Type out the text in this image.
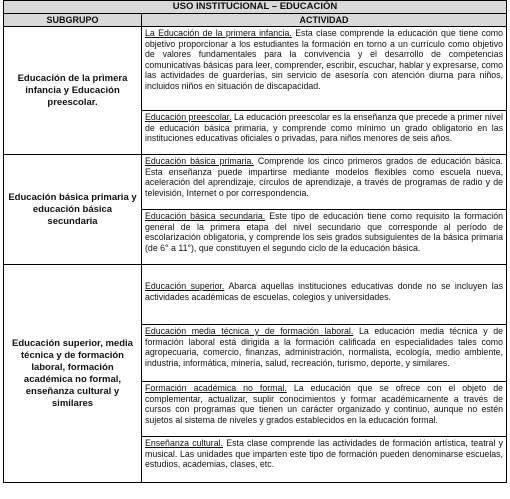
USO INSTITUCIONAL – EDUCACIÓN	
SUBGRUPO	ACTIVIDAD
Educación de la primera infancia y Educación preescolar.	La Educación de la primera infancia. Esta clase comprende la educación que tiene como objetivo proporcionar a los estudiantes la formación en torno a un currículo como objetivo de valores fundamentales para la convivencia y el desarrollo de competencias comunicativas básicas para leer, comprender, escribir, escuchar, hablar y expresarse, como las actividades de guarderías, sin servicio de asesoría con atención diurna para niños, incluidos niños en situación de discapacidad.
Educación preescolar. La educación preescolar es la enseñanza que precede a primer nivel de educación básica primaria, y comprende como mínimo un grado obligatorio en las instituciones educativas oficiales o privadas, para niños menores de seis años.

Educación básica primaria y educación básica secundaria	Educación básica primaria. Comprende los cinco primeros grados de educación básica. Esta enseñanza puede impartirse mediante modelos flexibles como escuela nueva, aceleración del aprendizaje, círculos de aprendizaje, a través de programas de radio y de televisión, Internet o por correspondencia.
Educación básica secundaria. Este tipo de educación tiene como requisito la formación general de la primera etapa del nivel secundario que corresponde al período de escolarización obligatoria, y comprende los seis grados subsiguientes de la básica primaria (de 6° a 11°), que constituyen el segundo ciclo de la educación básica.

Educación superior, media técnica y de formación laboral, formación académica no formal, enseñanza cultural y similares	Educación superior. Abarca aquellas instituciones educativas donde no se incluyen las actividades académicas de escuelas, colegios y universidades.
Educación media técnica y de formación laboral. La educación media técnica y de formación laboral está dirigida a la formación calificada en especialidades tales como agropecuaria, comercio, finanzas, administración, normalista, ecología, medio ambiente, industria, informática, minería, salud, recreación, turismo, deporte, y similares.
Formación académica no formal. La educación que se ofrece con el objeto de complementar, actualizar, suplir conocimientos y formar académicamente a través de cursos con programas que tienen un carácter organizado y continuo, aunque no estén sujetos al sistema de niveles y grados establecidos en la educación formal.
Enseñanza cultural. Esta clase comprende las actividades de formación artística, teatral y musical. Las unidades que imparten este tipo de formación pueden denominarse escuelas, estudios, academias, clases, etc.
